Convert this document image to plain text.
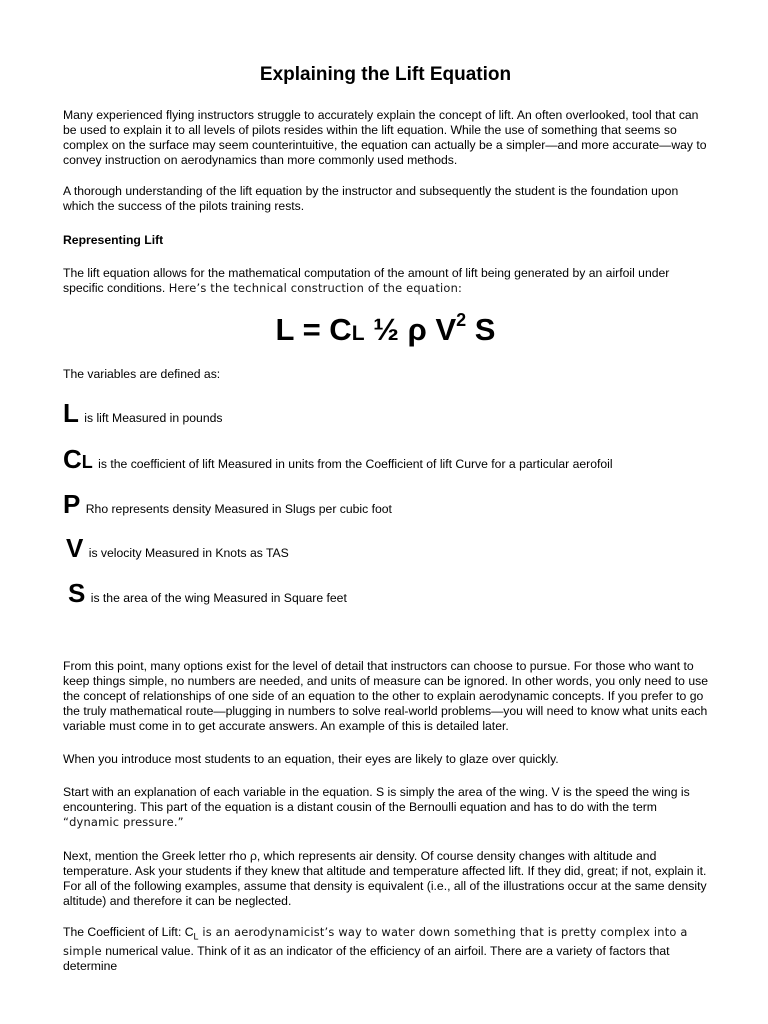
Explaining the Lift Equation

Many experienced flying instructors struggle to accurately explain the concept of lift. An often overlooked, tool that can be used to explain it to all levels of pilots resides within the lift equation. While the use of something that seems so complex on the surface may seem counterintuitive, the equation can actually be a simpler—and more accurate—way to convey instruction on aerodynamics than more commonly used methods.

A thorough understanding of the lift equation by the instructor and subsequently the student is the foundation upon which the success of the pilots training rests.

Representing Lift

The lift equation allows for the mathematical computation of the amount of lift being generated by an airfoil under specific conditions. Here’s the technical construction of the equation:

L = CL ½ ρ $V^2$ S

The variables are defined as:

L is lift Measured in pounds
CL is the coefficient of lift Measured in units from the Coefficient of lift Curve for a particular aerofoil
P Rho represents density Measured in Slugs per cubic foot
V is velocity Measured in Knots as TAS
S is the area of the wing Measured in Square feet

From this point, many options exist for the level of detail that instructors can choose to pursue. For those who want to keep things simple, no numbers are needed, and units of measure can be ignored. In other words, you only need to use the concept of relationships of one side of an equation to the other to explain aerodynamic concepts. If you prefer to go the truly mathematical route—plugging in numbers to solve real-world problems—you will need to know what units each variable must come in to get accurate answers. An example of this is detailed later.

When you introduce most students to an equation, their eyes are likely to glaze over quickly.

Start with an explanation of each variable in the equation. S is simply the area of the wing. V is the speed the wing is encountering. This part of the equation is a distant cousin of the Bernoulli equation and has to do with the term “dynamic pressure.”

Next, mention the Greek letter rho ρ, which represents air density. Of course density changes with altitude and temperature. Ask your students if they knew that altitude and temperature affected lift. If they did, great; if not, explain it. For all of the following examples, assume that density is equivalent (i.e., all of the illustrations occur at the same density altitude) and therefore it can be neglected.

The Coefficient of Lift: $C_L$ is an aerodynamicist’s way to water down something that is pretty complex into a simple numerical value. Think of it as an indicator of the efficiency of an airfoil. There are a variety of factors that determine
